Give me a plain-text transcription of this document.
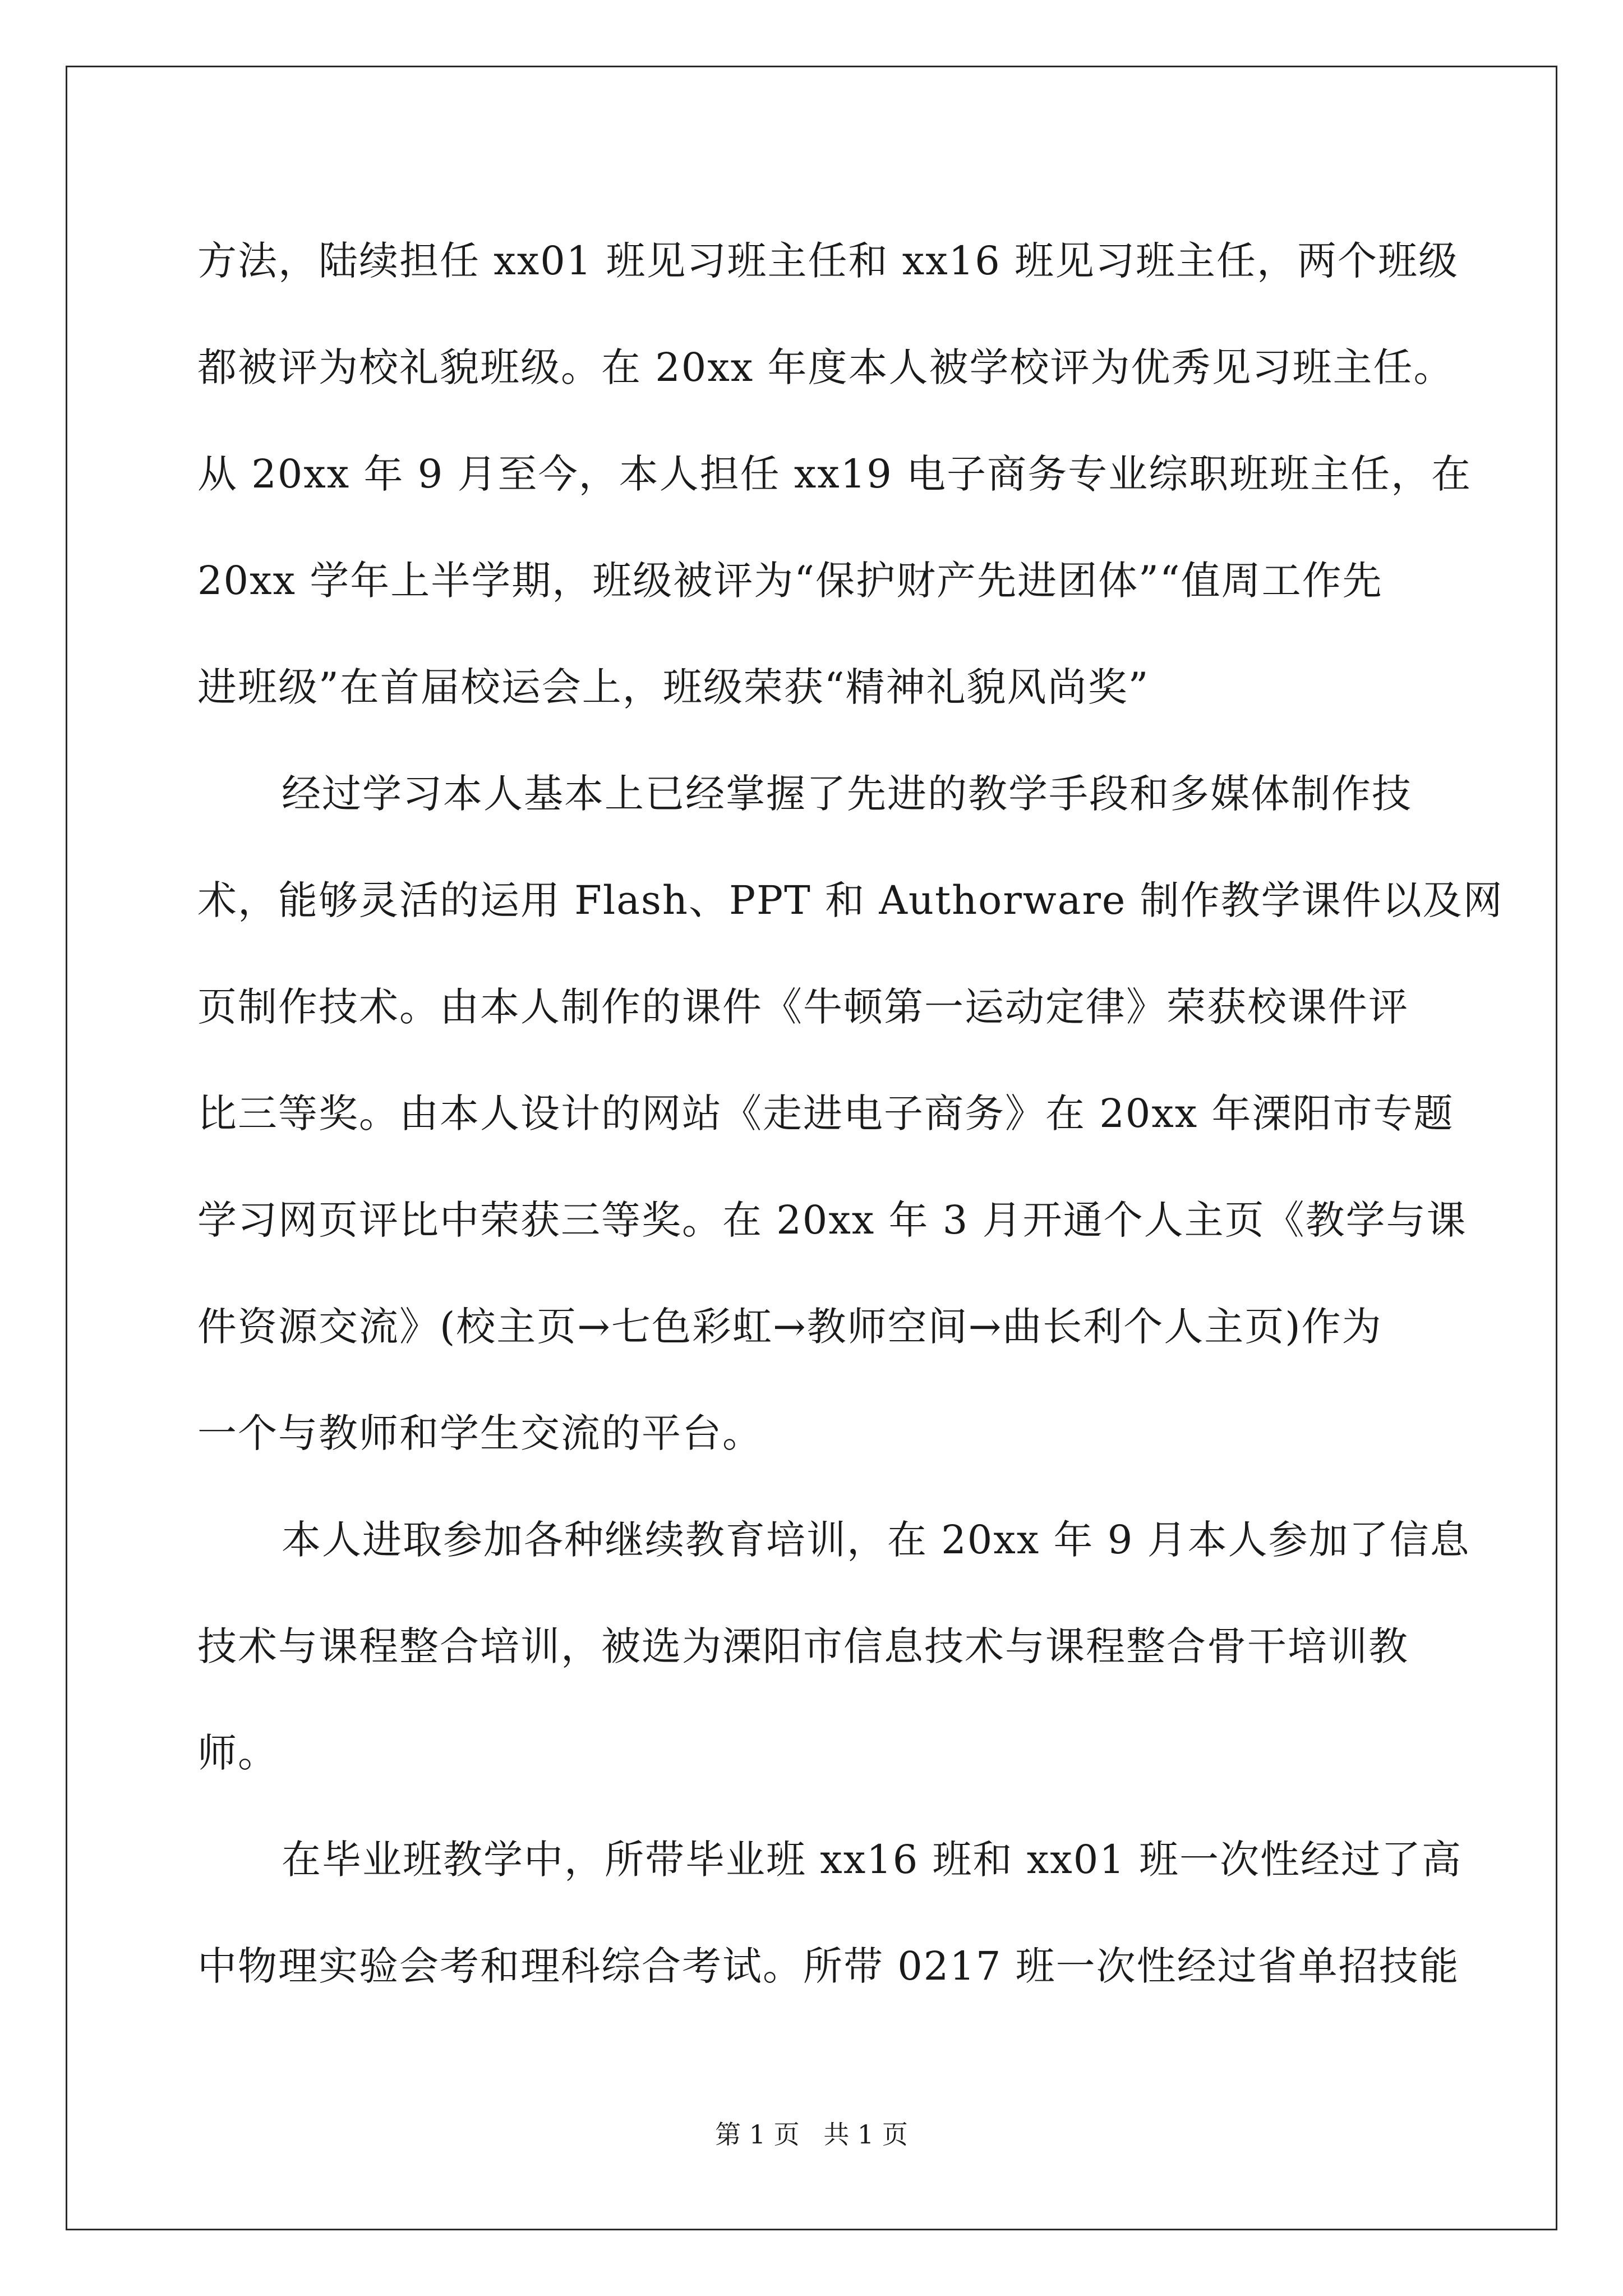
方法，陆续担任 xx01 班见习班主任和 xx16 班见习班主任，两个班级
都被评为校礼貌班级。在 20xx 年度本人被学校评为优秀见习班主任。
从 20xx 年 9 月至今，本人担任 xx19 电子商务专业综职班班主任，在
20xx 学年上半学期，班级被评为“保护财产先进团体”“值周工作先
进班级”在首届校运会上，班级荣获“精神礼貌风尚奖”
经过学习本人基本上已经掌握了先进的教学手段和多媒体制作技
术，能够灵活的运用 Flash、PPT 和 Authorware 制作教学课件以及网
页制作技术。由本人制作的课件《牛顿第一运动定律》荣获校课件评
比三等奖。由本人设计的网站《走进电子商务》在 20xx 年溧阳市专题
学习网页评比中荣获三等奖。在 20xx 年 3 月开通个人主页《教学与课
件资源交流》(校主页→七色彩虹→教师空间→曲长利个人主页)作为
一个与教师和学生交流的平台。
本人进取参加各种继续教育培训，在 20xx 年 9 月本人参加了信息
技术与课程整合培训，被选为溧阳市信息技术与课程整合骨干培训教
师。
在毕业班教学中，所带毕业班 xx16 班和 xx01 班一次性经过了高
中物理实验会考和理科综合考试。所带 0217 班一次性经过省单招技能
第 1 页 共 1 页
